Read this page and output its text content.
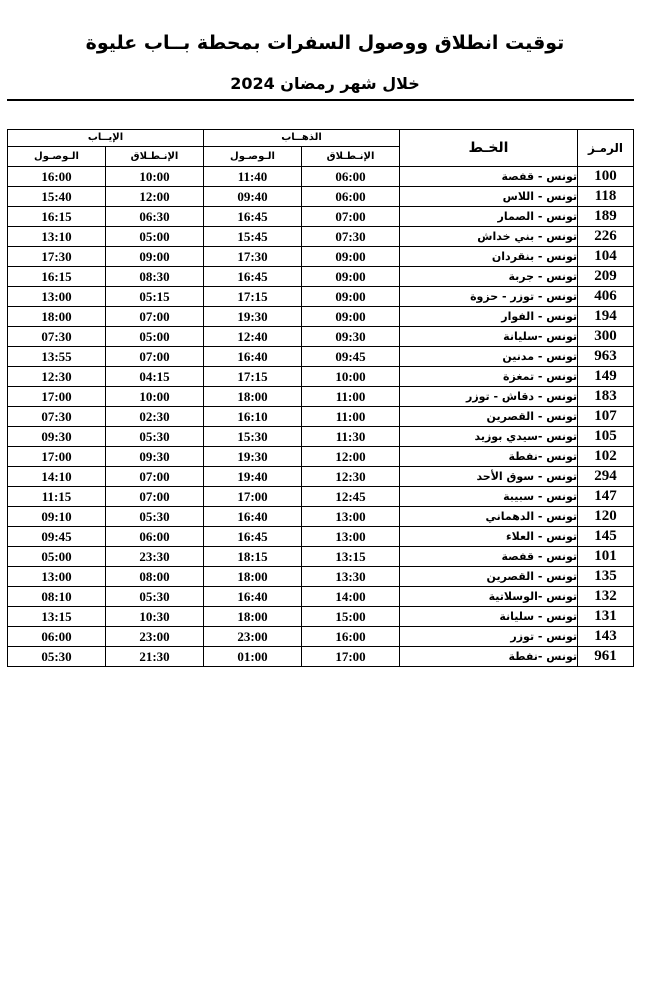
توقيت انطلاق ووصول السفرات بمحطة بــاب عليوة
خلال شهر رمضان 2024
الرمـز	الخـط	الذهــاب		الإيــاب	
		الإنـطـلاق	الـوصـول	الإنـطـلاق	الـوصـول
100	تونس - قفصة	06:00	11:40	10:00	16:00
118	تونس - اللاس	06:00	09:40	12:00	15:40
189	تونس - الصمار	07:00	16:45	06:30	16:15
226	تونس - بني خداش	07:30	15:45	05:00	13:10
104	تونس - بنقردان	09:00	17:30	09:00	17:30
209	تونس - جربة	09:00	16:45	08:30	16:15
406	تونس - توزر - حزوة	09:00	17:15	05:15	13:00
194	تونس - الفوار	09:00	19:30	07:00	18:00
300	تونس -سليانة	09:30	12:40	05:00	07:30
963	تونس - مدنين	09:45	16:40	07:00	13:55
149	تونس - تمغزة	10:00	17:15	04:15	12:30
183	تونس - دقاش - توزر	11:00	18:00	10:00	17:00
107	تونس - القصرين	11:00	16:10	02:30	07:30
105	تونس -سيدي بوزيد	11:30	15:30	05:30	09:30
102	تونس -نفطة	12:00	19:30	09:30	17:00
294	تونس - سوق الأحد	12:30	19:40	07:00	14:10
147	تونس - سبيبة	12:45	17:00	07:00	11:15
120	تونس - الدهماني	13:00	16:40	05:30	09:10
145	تونس - العلاء	13:00	16:45	06:00	09:45
101	تونس - قفصة	13:15	18:15	23:30	05:00
135	تونس - القصرين	13:30	18:00	08:00	13:00
132	تونس -الوسلاتية	14:00	16:40	05:30	08:10
131	تونس - سليانة	15:00	18:00	10:30	13:15
143	تونس - توزر	16:00	23:00	23:00	06:00
961	تونس -نفطة	17:00	01:00	21:30	05:30
